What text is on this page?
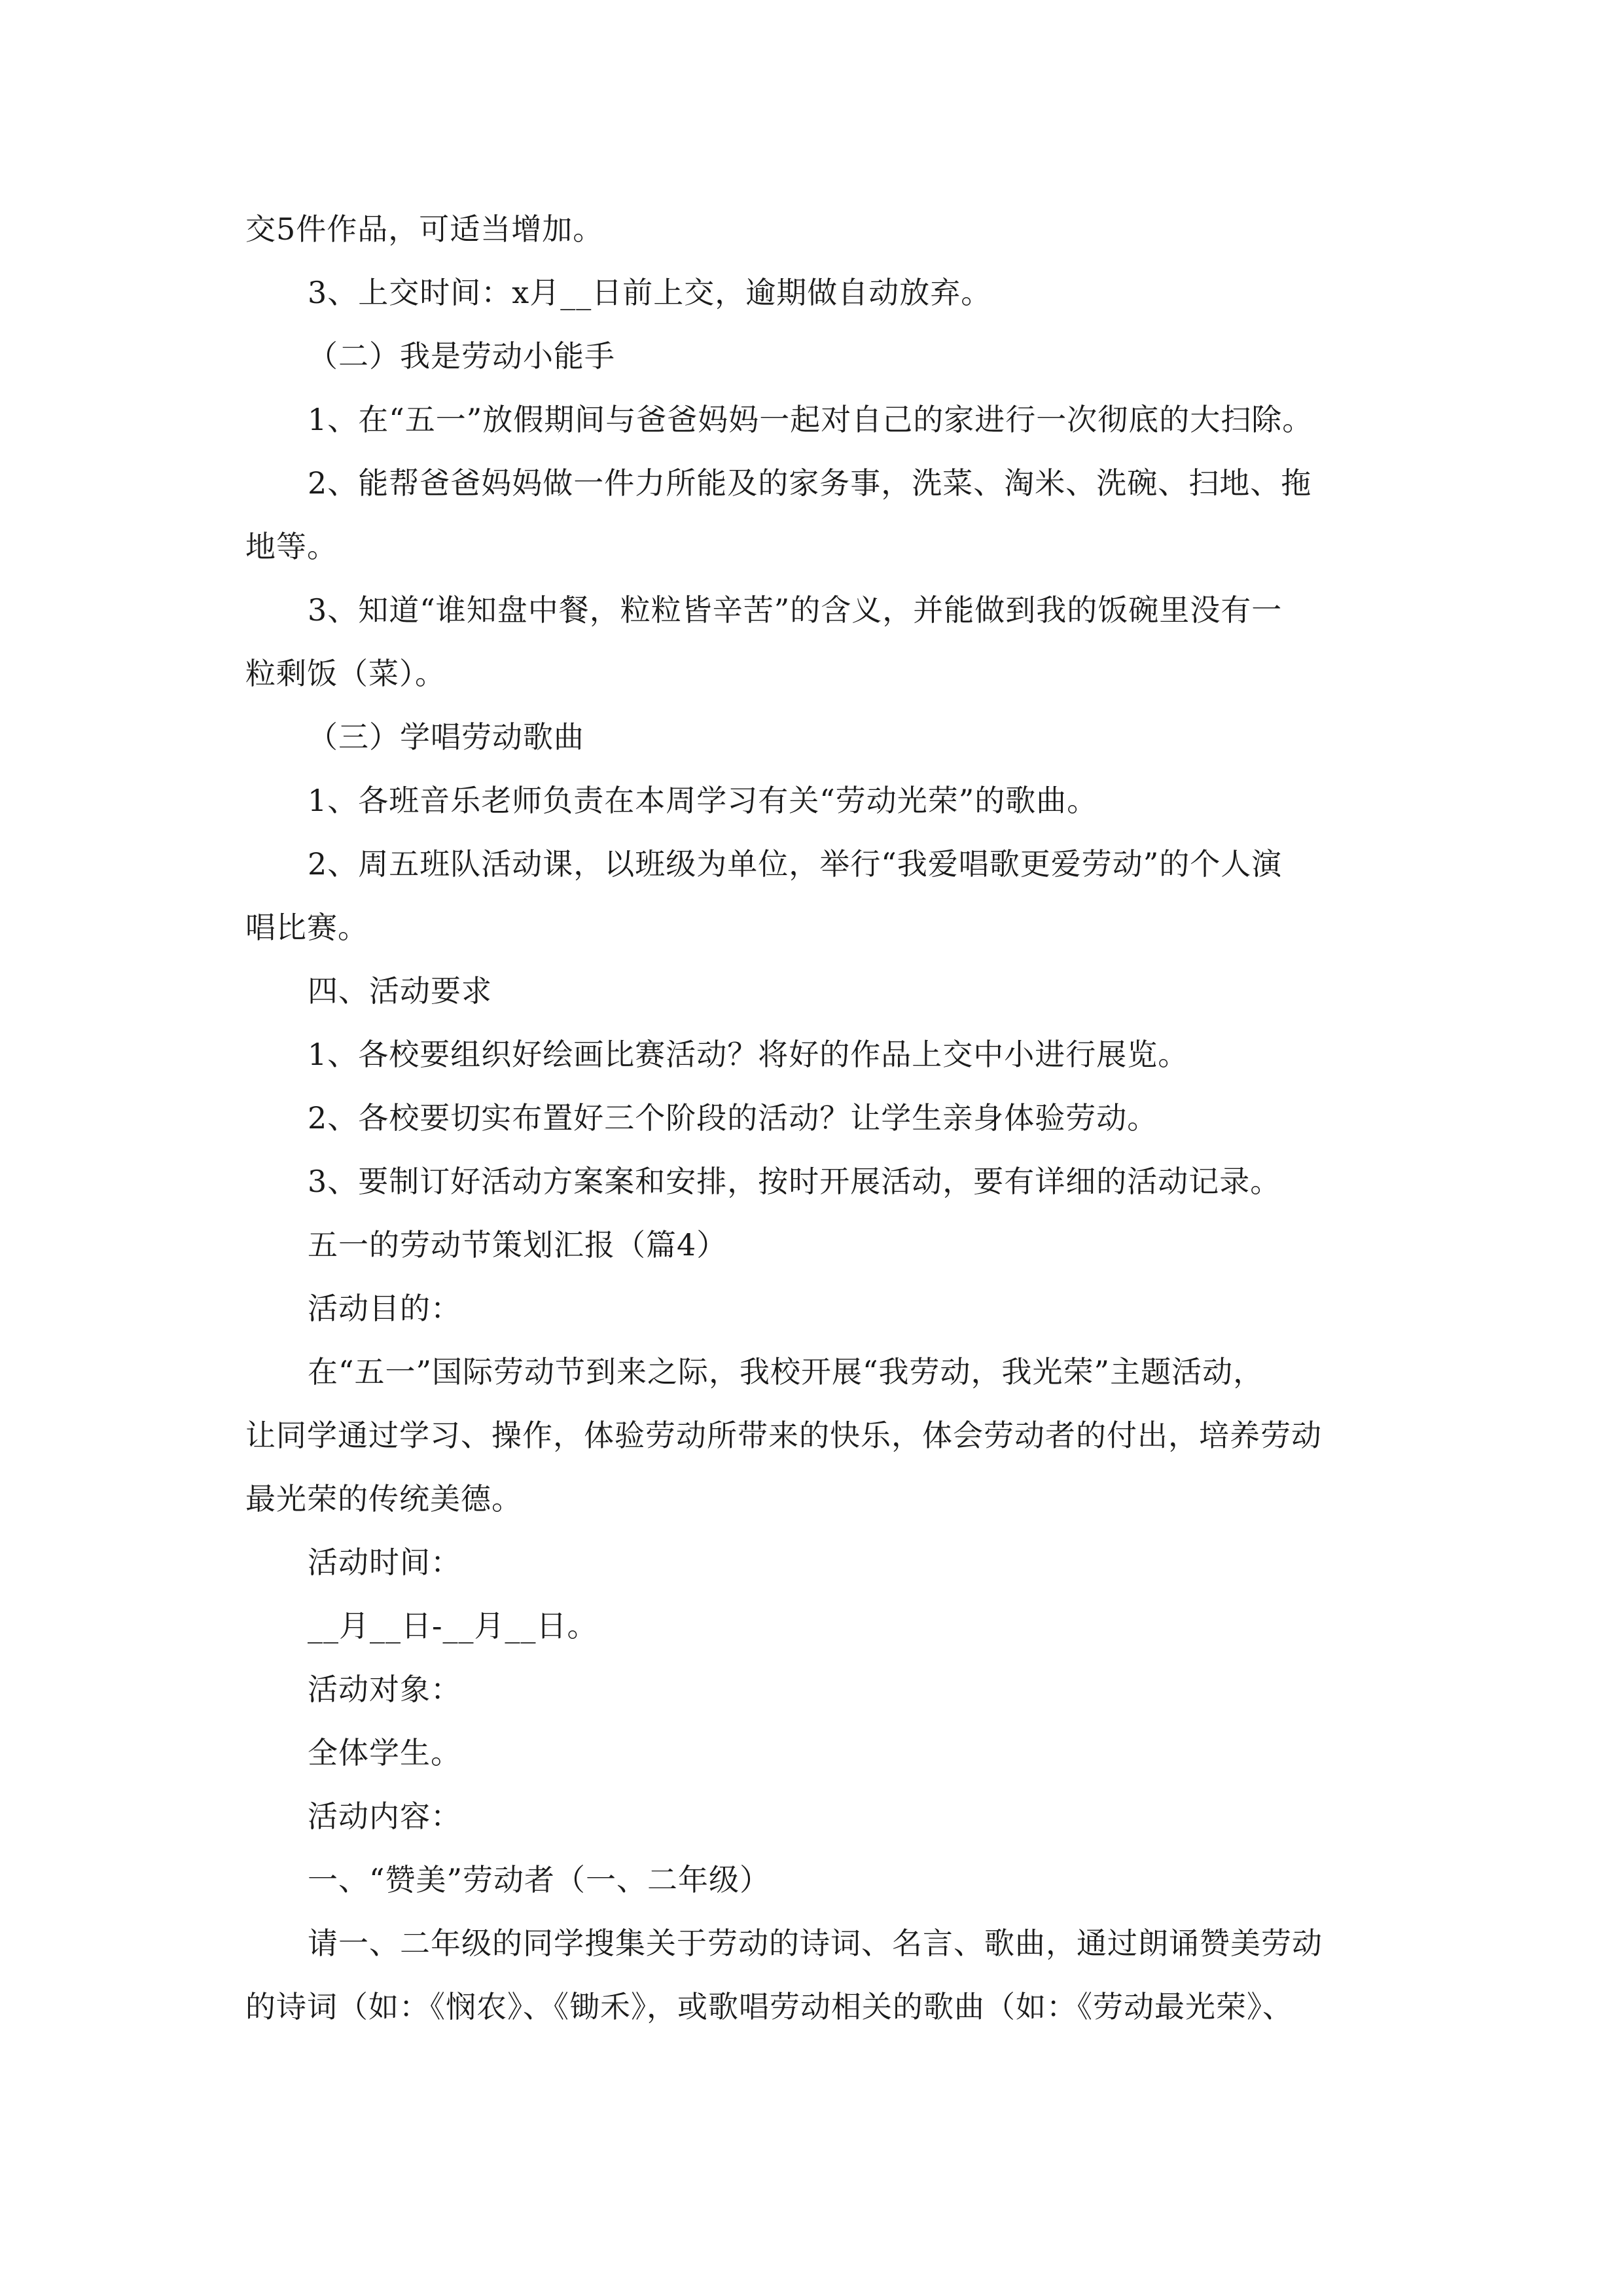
交5件作品，可适当增加。
3、上交时间：x月__日前上交，逾期做自动放弃。
（二）我是劳动小能手
1、在“五一”放假期间与爸爸妈妈一起对自己的家进行一次彻底的大扫除。
2、能帮爸爸妈妈做一件力所能及的家务事，洗菜、淘米、洗碗、扫地、拖
地等。
3、知道“谁知盘中餐，粒粒皆辛苦”的含义，并能做到我的饭碗里没有一
粒剩饭（菜）。
（三）学唱劳动歌曲
1、各班音乐老师负责在本周学习有关“劳动光荣”的歌曲。
2、周五班队活动课，以班级为单位，举行“我爱唱歌更爱劳动”的个人演
唱比赛。
四、活动要求
1、各校要组织好绘画比赛活动？将好的作品上交中小进行展览。
2、各校要切实布置好三个阶段的活动？让学生亲身体验劳动。
3、要制订好活动方案案和安排，按时开展活动，要有详细的活动记录。
五一的劳动节策划汇报（篇4）
活动目的：
在“五一”国际劳动节到来之际，我校开展“我劳动，我光荣”主题活动，
让同学通过学习、操作，体验劳动所带来的快乐，体会劳动者的付出，培养劳动
最光荣的传统美德。
活动时间：
__月__日-__月__日。
活动对象：
全体学生。
活动内容：
一、“赞美”劳动者（一、二年级）
请一、二年级的同学搜集关于劳动的诗词、名言、歌曲，通过朗诵赞美劳动
的诗词（如：《悯农》、《锄禾》，或歌唱劳动相关的歌曲（如：《劳动最光荣》、
